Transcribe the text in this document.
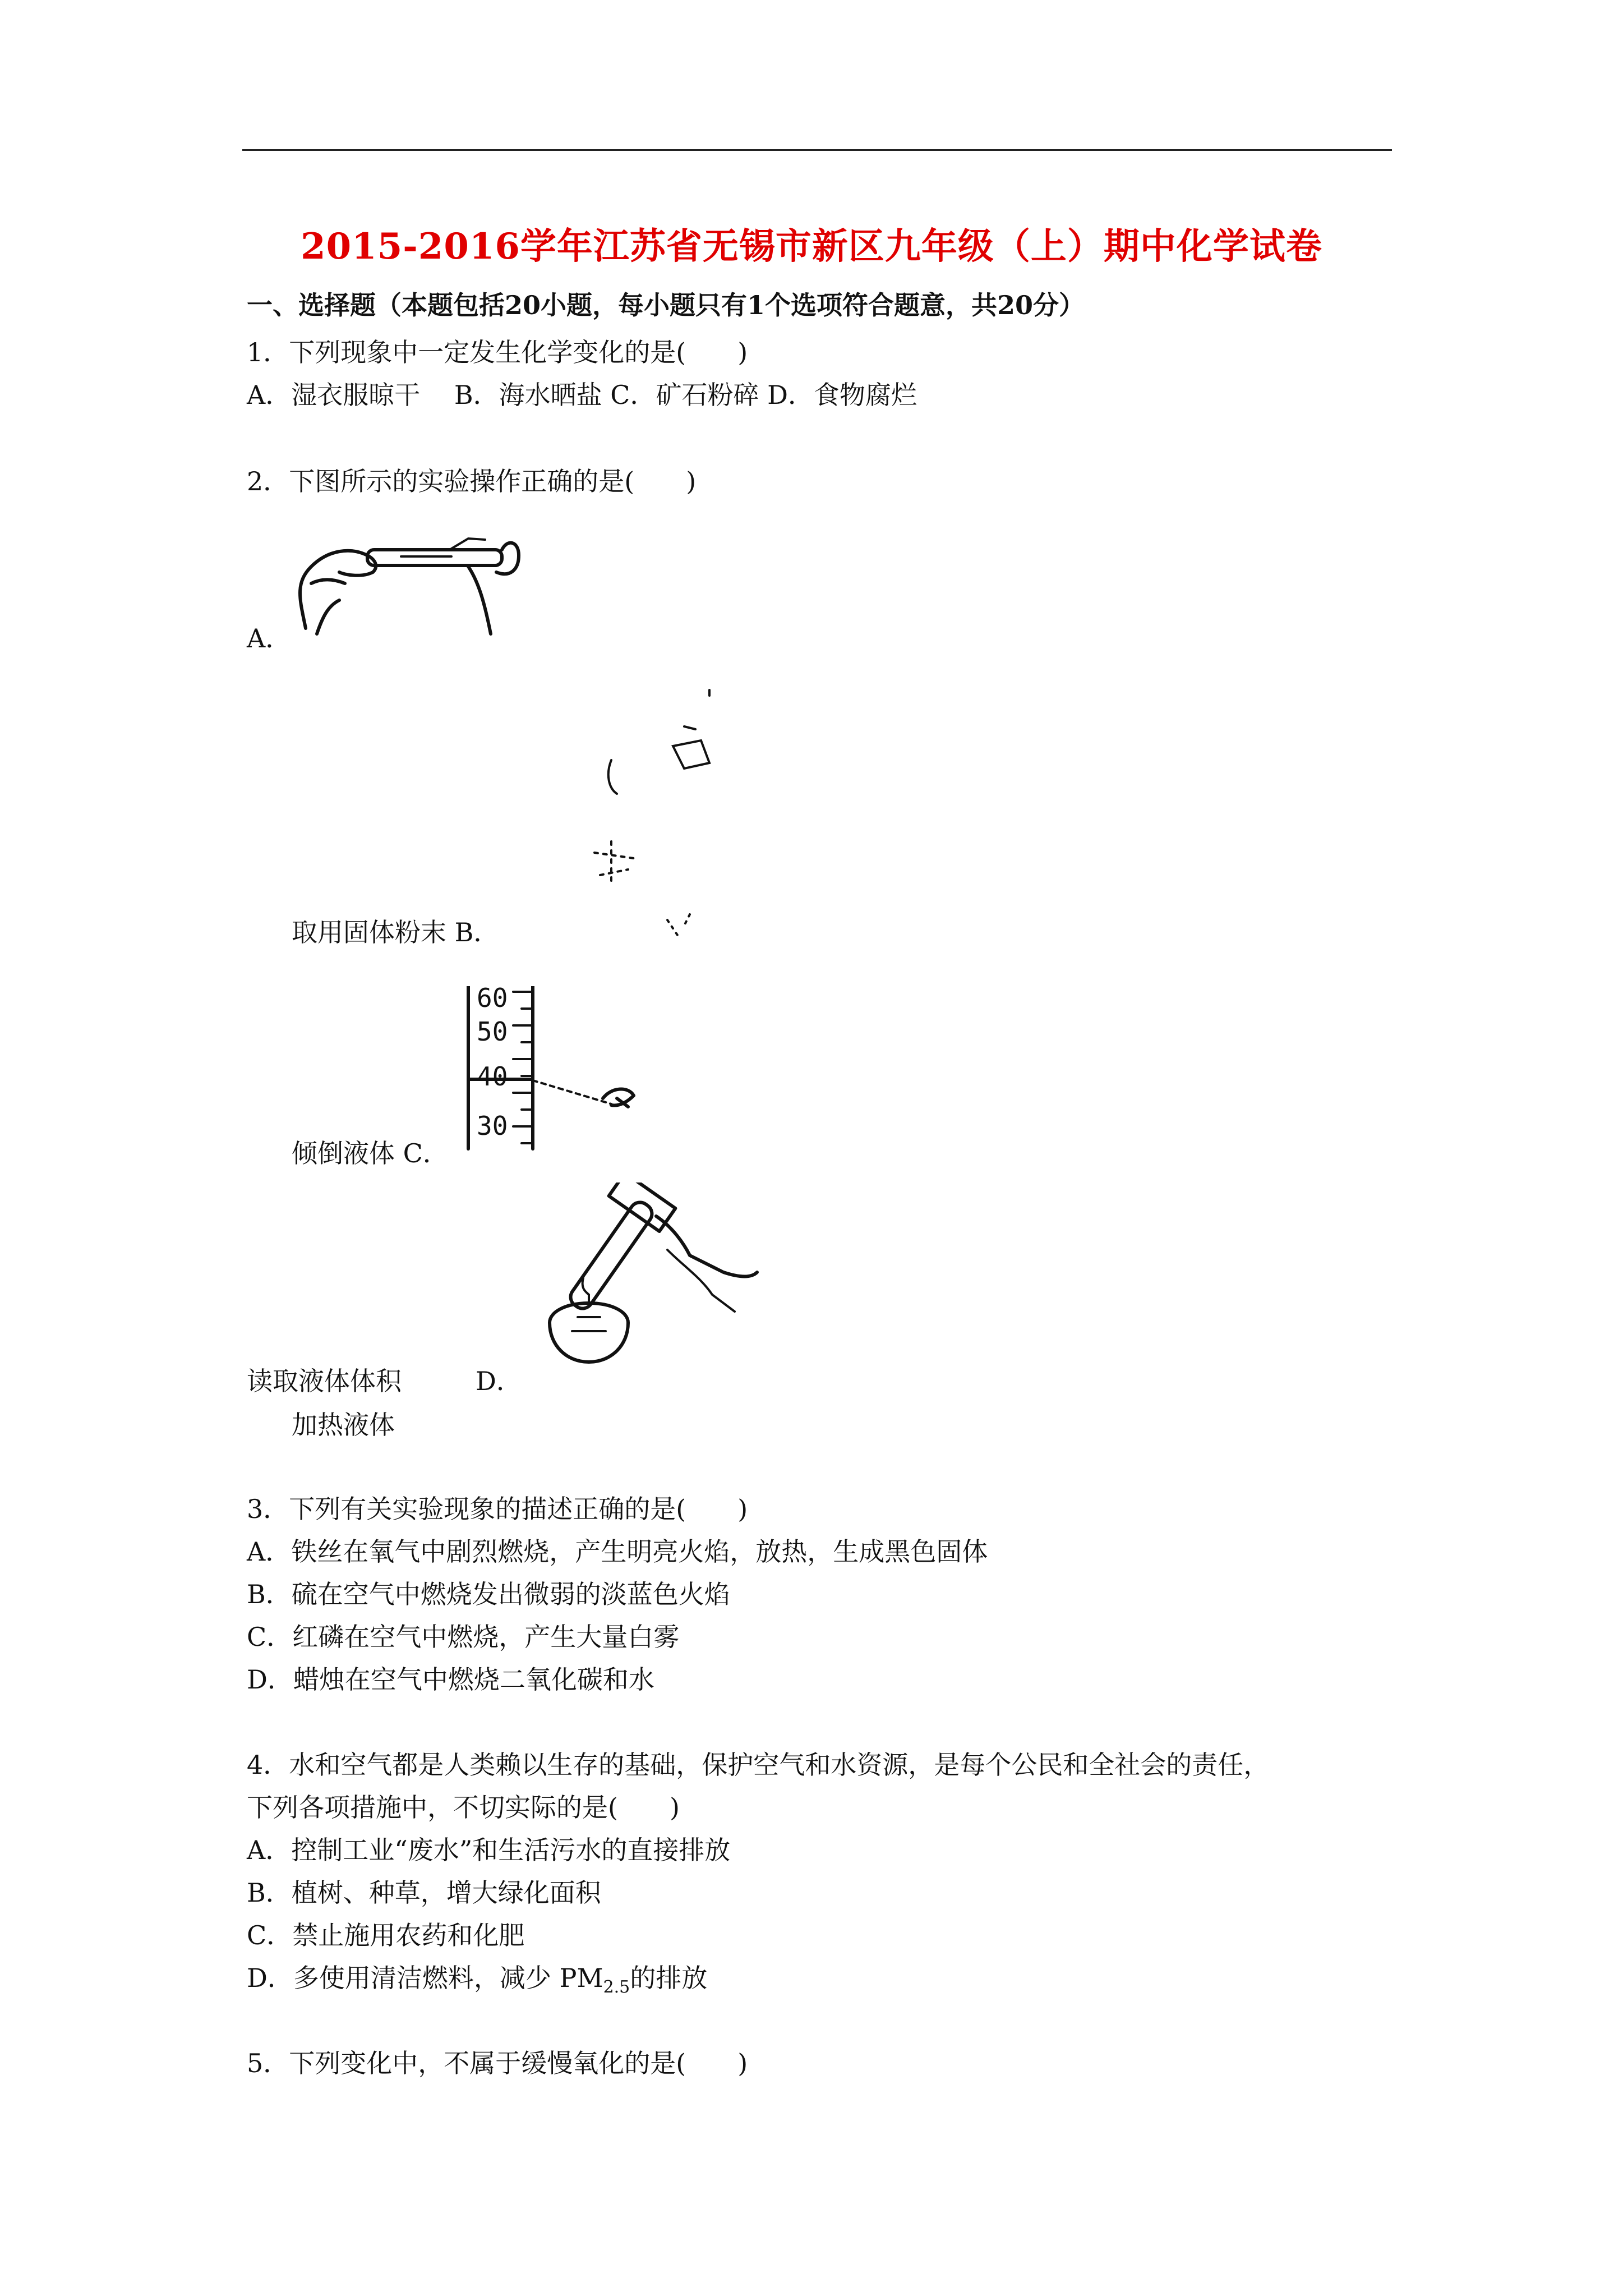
2015-2016学年江苏省无锡市新区九年级（上）期中化学试卷
一、选择题（本题包括20小题，每小题只有1个选项符合题意，共20分）
1．下列现象中一定发生化学变化的是(　　)
A．湿衣服晾干　 B．海水晒盐 C．矿石粉碎 D．食物腐烂
2．下图所示的实验操作正确的是(　　)
A．
取用固体粉末 B．
60
50
40
30
倾倒液体 C．
读取液体体积	D．
加热液体
3．下列有关实验现象的描述正确的是(　　)
A．铁丝在氧气中剧烈燃烧，产生明亮火焰，放热，生成黑色固体
B．硫在空气中燃烧发出微弱的淡蓝色火焰
C．红磷在空气中燃烧，产生大量白雾
D．蜡烛在空气中燃烧二氧化碳和水
4．水和空气都是人类赖以生存的基础，保护空气和水资源，是每个公民和全社会的责任，
下列各项措施中，不切实际的是(　　)
A．控制工业“废水”和生活污水的直接排放
B．植树、种草，增大绿化面积
C．禁止施用农药和化肥
D．多使用清洁燃料，减少 $PM_{2.5}$的排放
5．下列变化中，不属于缓慢氧化的是(　　)
